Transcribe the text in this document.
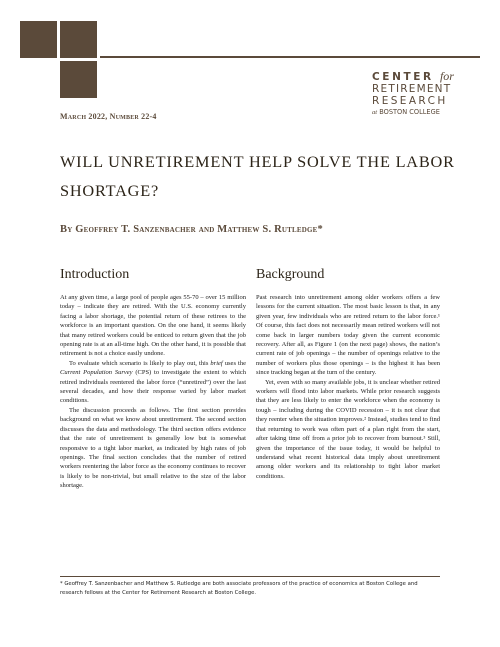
CENTER for
RETIREMENT
RESEARCH
at BOSTON COLLEGE
March 2022, Number 22-4
WILL UNRETIREMENT HELP SOLVE THE LABOR SHORTAGE?
By Geoffrey T. Sanzenbacher and Matthew S. Rutledge*
Introduction

At any given time, a large pool of people ages 55-70 – over 15 million today – indicate they are retired. With the U.S. economy currently facing a labor shortage, the potential return of these retirees to the workforce is an important question. On the one hand, it seems likely that many retired workers could be enticed to return given that the job opening rate is at an all-time high. On the other hand, it is possible that retirement is not a choice easily undone.

To evaluate which scenario is likely to play out, this brief uses the Current Population Survey (CPS) to investigate the extent to which retired individuals reentered the labor force (“unretired”) over the last several decades, and how their response varied by labor market conditions.

The discussion proceeds as follows. The first section provides background on what we know about unretirement. The second section discusses the data and methodology. The third section offers evidence that the rate of unretirement is generally low but is somewhat responsive to a tight labor market, as indicated by high rates of job openings. The final section concludes that the number of retired workers reentering the labor force as the economy continues to recover is likely to be non-trivial, but small relative to the size of the labor shortage.

Background

Past research into unretirement among older workers offers a few lessons for the current situation. The most basic lesson is that, in any given year, few individuals who are retired return to the labor force.¹ Of course, this fact does not necessarily mean retired workers will not come back in larger numbers today given the current economic recovery. After all, as Figure 1 (on the next page) shows, the nation’s current rate of job openings – the number of openings relative to the number of workers plus those openings – is the highest it has been since tracking began at the turn of the century.

Yet, even with so many available jobs, it is unclear whether retired workers will flood into labor markets. While prior research suggests that they are less likely to enter the workforce when the economy is tough – including during the COVID recession – it is not clear that they reenter when the situation improves.² Instead, studies tend to find that returning to work was often part of a plan right from the start, after taking time off from a prior job to recover from burnout.³ Still, given the importance of the issue today, it would be helpful to understand what recent historical data imply about unretirement among older workers and its relationship to tight labor market conditions.

* Geoffrey T. Sanzenbacher and Matthew S. Rutledge are both associate professors of the practice of economics at Boston College and research fellows at the Center for Retirement Research at Boston College.
